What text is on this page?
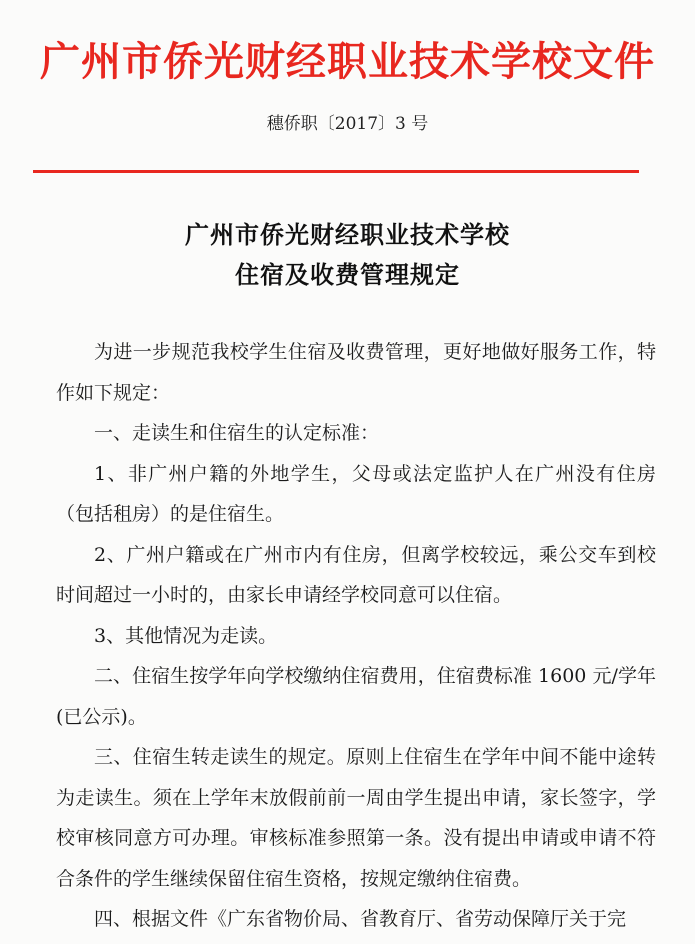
广州市侨光财经职业技术学校文件
穗侨职〔2017〕3 号
广州市侨光财经职业技术学校
住宿及收费管理规定

为进一步规范我校学生住宿及收费管理，更好地做好服务工作，特作如下规定：

一、走读生和住宿生的认定标准：

1、非广州户籍的外地学生，父母或法定监护人在广州没有住房（包括租房）的是住宿生。

2、广州户籍或在广州市内有住房，但离学校较远，乘公交车到校时间超过一小时的，由家长申请经学校同意可以住宿。

3、其他情况为走读。

二、住宿生按学年向学校缴纳住宿费用，住宿费标准 1600 元/学年(已公示)。

三、住宿生转走读生的规定。原则上住宿生在学年中间不能中途转为走读生。须在上学年末放假前前一周由学生提出申请，家长签字，学校审核同意方可办理。审核标准参照第一条。没有提出申请或申请不符合条件的学生继续保留住宿生资格，按规定缴纳住宿费。

四、根据文件《广东省物价局、省教育厅、省劳动保障厅关于完
